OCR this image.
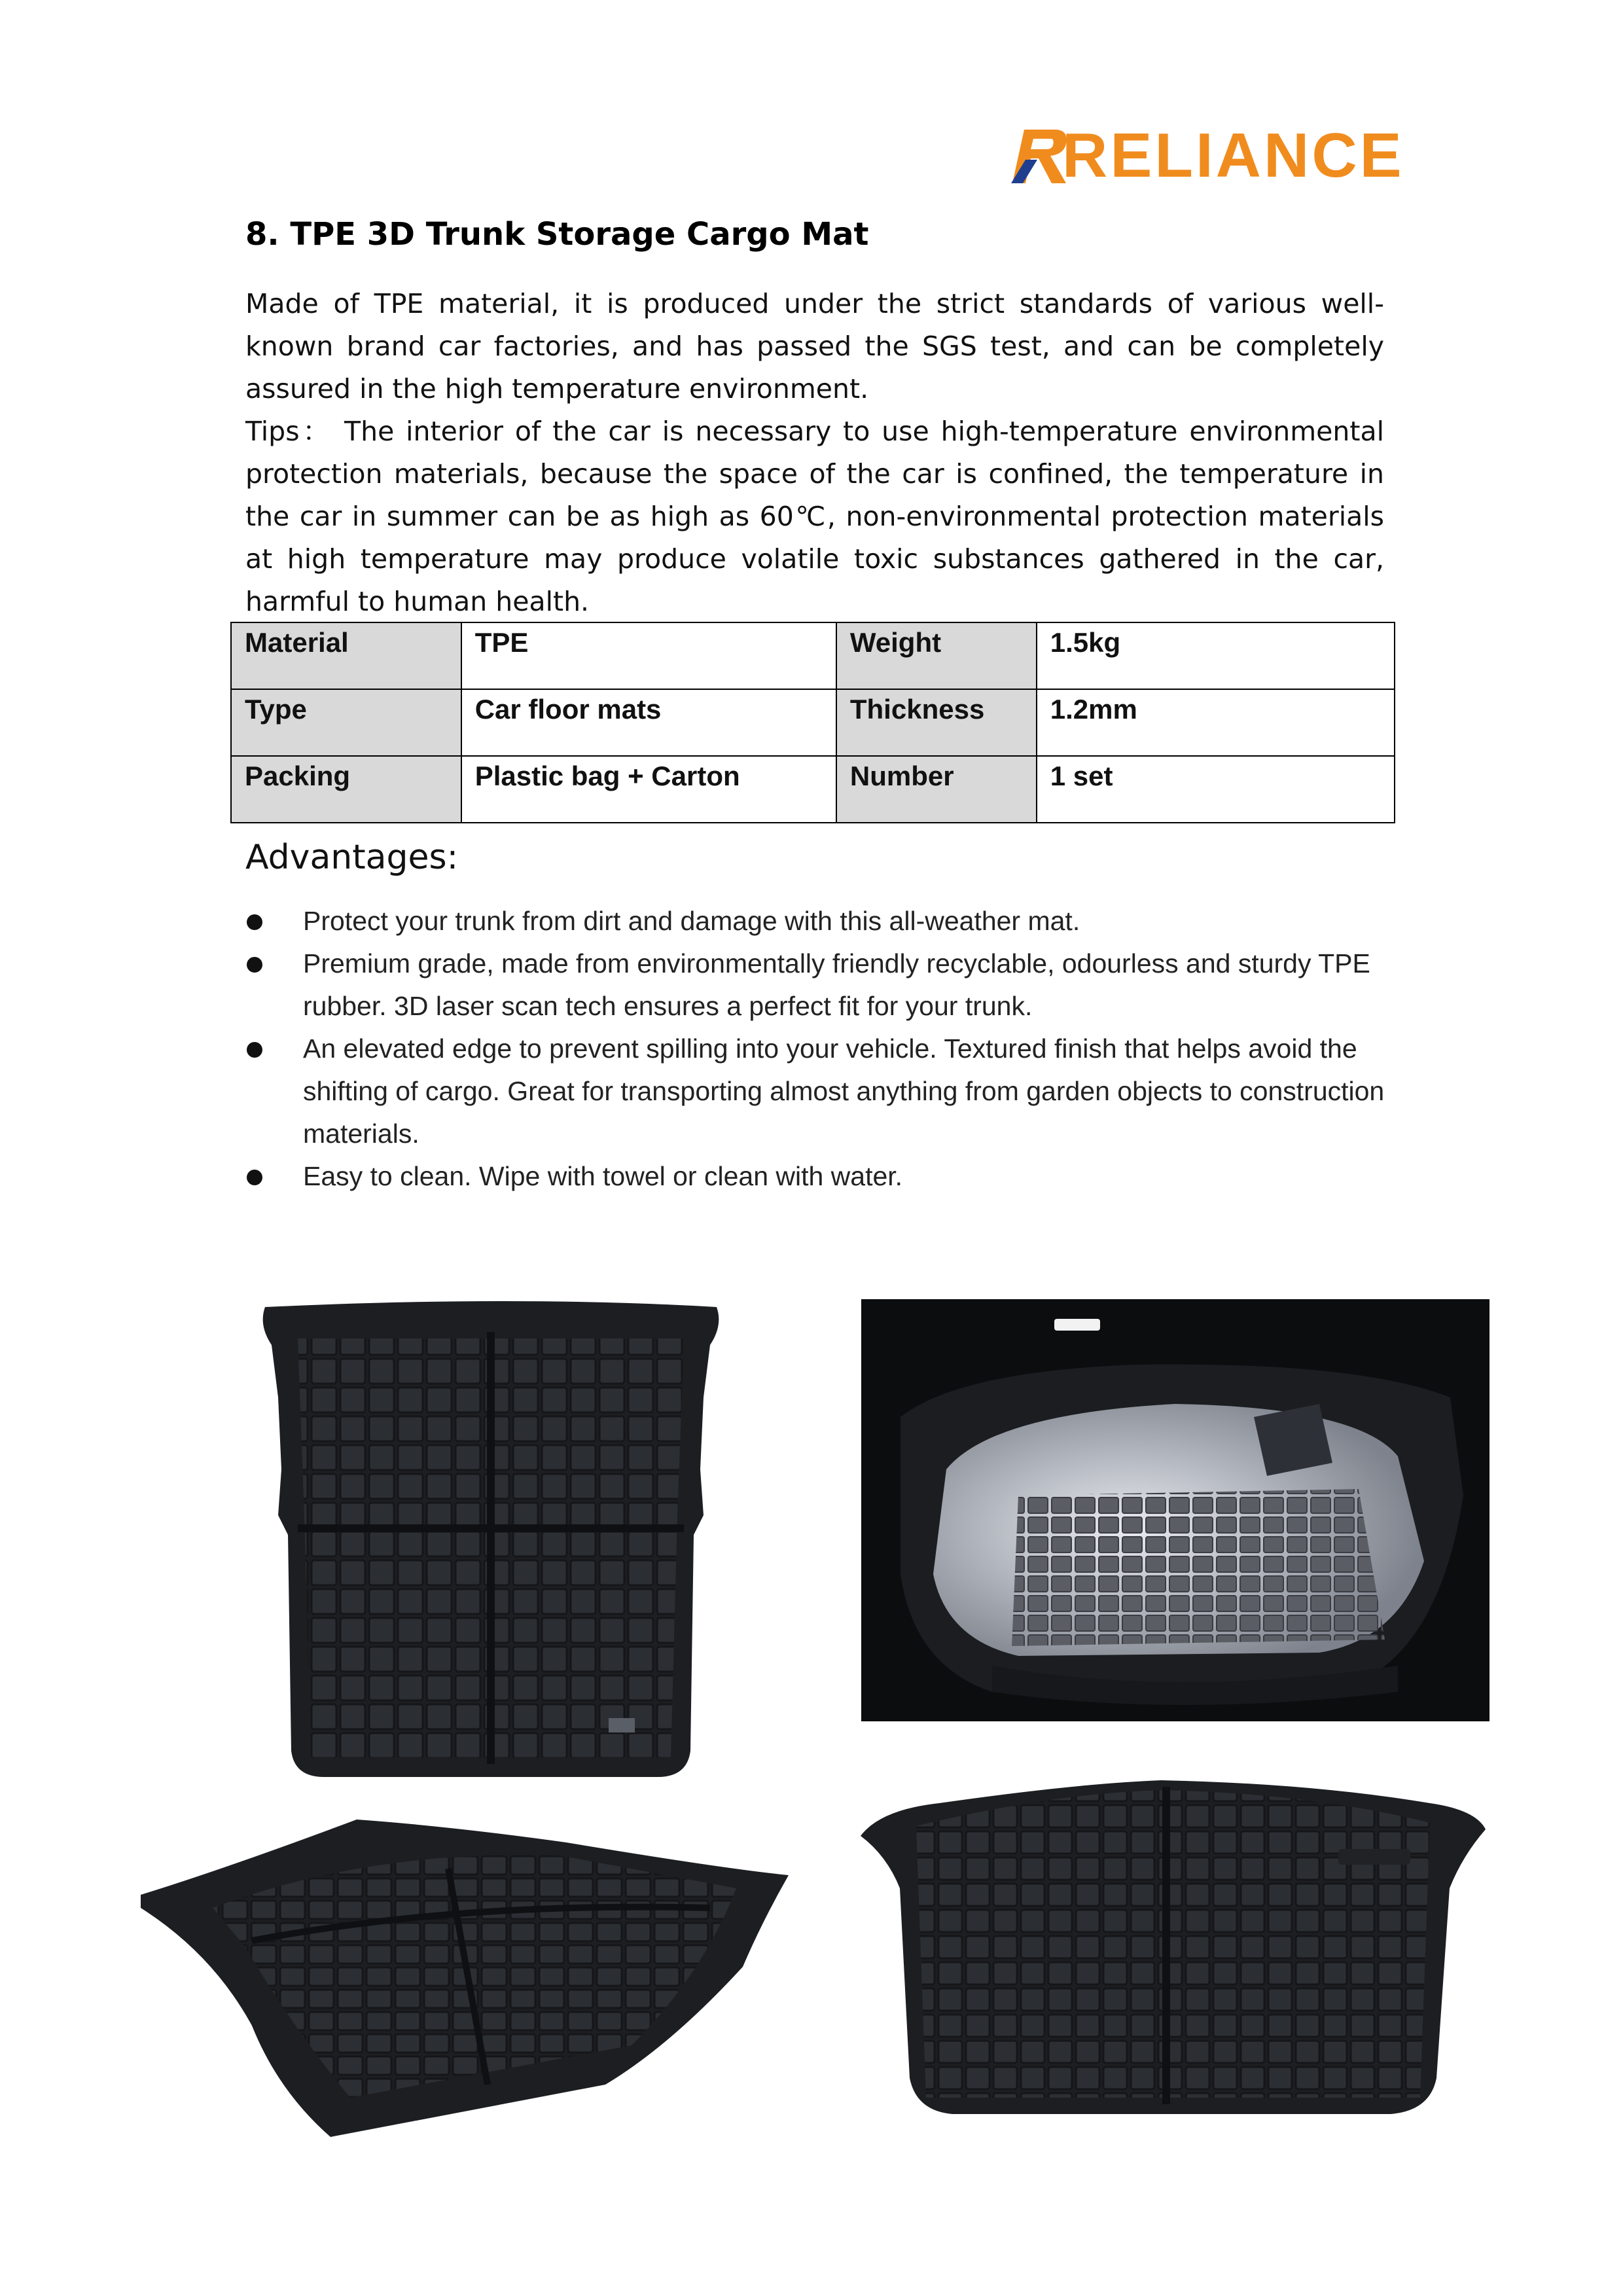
RELIANCE
8. TPE 3D Trunk Storage Cargo Mat
Made of TPE material, it is produced under the strict standards of various well-known brand car factories, and has passed the SGS test, and can be completely assured in the high temperature environment.
Tips： The interior of the car is necessary to use high-temperature environmental protection materials, because the space of the car is confined, the temperature in the car in summer can be as high as 60℃, non-environmental protection materials at high temperature may produce volatile toxic substances gathered in the car, harmful to human health.
Material	TPE	Weight	1.5kg
Type	Car floor mats	Thickness	1.2mm
Packing	Plastic bag + Carton	Number	1 set
Advantages:
Protect your trunk from dirt and damage with this all-weather mat.
Premium grade, made from environmentally friendly recyclable, odourless and sturdy TPE rubber. 3D laser scan tech ensures a perfect fit for your trunk.
An elevated edge to prevent spilling into your vehicle. Textured finish that helps avoid the shifting of cargo. Great for transporting almost anything from garden objects to construction materials.
Easy to clean. Wipe with towel or clean with water.
